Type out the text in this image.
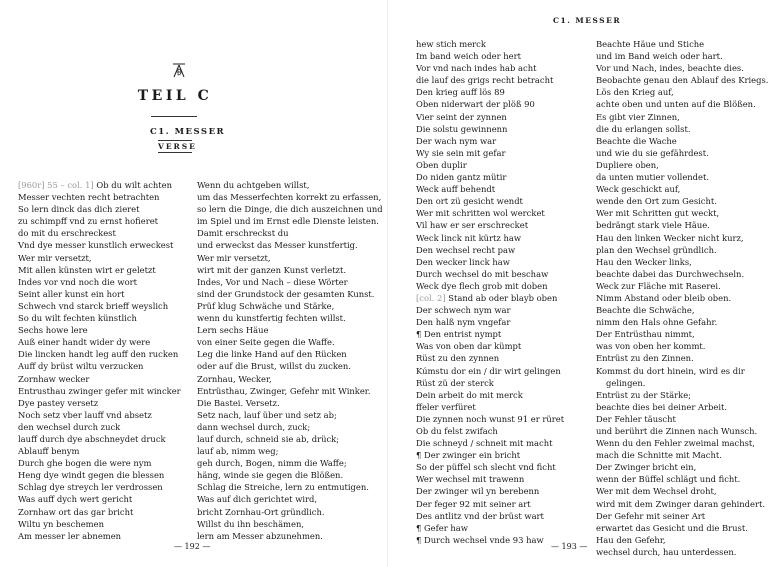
TEIL C
C1. MESSER
VERSE
[960r] 55 – col. 1] Ob du wilt achten
Messer vechten recht betrachten
So lern dinck das dich zieret
zu schimpff vnd zu ernst hofieret
do mit du erschreckest
Vnd dye messer kunstlich erweckest
Wer mir versetzt,
Mit allen künsten wirt er geletzt
Indes vor vnd noch die wort
Seint aller kunst ein hort
Schwech vnd starck brieff weyslich
So du wilt fechten künstlich
Sechs howe lere
Auß einer handt wider dy were
Die lincken handt leg auff den rucken
Auff dy brüst wiltu verzucken
Zornhaw wecker
Entrusthau zwinger gefer mit wincker
Dye pastey versetz
Noch setz vber lauff vnd absetz
den wechsel durch zuck
lauff durch dye abschneydet druck
Ablauff benym
Durch ghe bogen die were nym
Heng dye windt gegen die blessen
Schlag dye streych ler verdrossen
Was auff dych wert gericht
Zornhaw ort das gar bricht
Wiltu yn beschemen
Am messer ler abnemen
Wenn du achtgeben willst,
um das Messerfechten korrekt zu erfassen,
so lern die Dinge, die dich auszeichnen und
im Spiel und im Ernst edle Dienste leisten.
Damit erschreckst du
und erweckst das Messer kunstfertig.
Wer mir versetzt,
wirt mit der ganzen Kunst verletzt.
Indes, Vor und Nach – diese Wörter
sind der Grundstock der gesamten Kunst.
Prüf klug Schwäche und Stärke,
wenn du kunstfertig fechten willst.
Lern sechs Häue
von einer Seite gegen die Waffe.
Leg die linke Hand auf den Rücken
oder auf die Brust, willst du zucken.
Zornhau, Wecker,
Entrüsthau, Zwinger, Gefehr mit Winker.
Die Bastei. Versetz.
Setz nach, lauf über und setz ab;
dann wechsel durch, zuck;
lauf durch, schneid sie ab, drück;
lauf ab, nimm weg;
geh durch, Bogen, nimm die Waffe;
häng, winde sie gegen die Blößen.
Schlag die Streiche, lern zu entmutigen.
Was auf dich gerichtet wird,
bricht Zornhau-Ort gründlich.
Willst du ihn beschämen,
lern am Messer abzunehmen.
— 192 —
C1. MESSER
hew stich merck
Im band weich oder hert
Vor vnd nach indes hab acht
die lauf des grigs recht betracht
Den krieg auff lös 89
Oben niderwart der plöß 90
Vier seint der zynnen
Die solstu gewinnenn
Der wach nym war
Wy sie sein mit gefar
Oben duplir
Do niden gantz mütir
Weck auff behendt
Den ort zü gesicht wendt
Wer mit schritten wol wercket
Vil haw er ser erschrecket
Weck linck nit kürtz haw
Den wechsel recht paw
Den wecker linck haw
Durch wechsel do mit beschaw
Weck dye flech grob mit doben
[col. 2] Stand ab oder blayb oben
Der schwech nym war
Den halß nym vngefar
¶ Den entrist nympt
Was von oben dar kümpt
Rüst zu den zynnen
Kúmstu dor ein / dir wirt gelingen
Rüst zü der sterck
Dein arbeit do mit merck
ffeler verfüret
Die zynnen noch wunst 91 er rüret
Ob du felst zwifach
Die schneyd / schneit mit macht
¶ Der zwinger ein bricht
So der püffel sch slecht vnd ficht
Wer wechsel mit trawenn
Der zwinger wil yn berebenn
Der feger 92 mit seiner art
Des antlitz vnd der brüst wart
¶ Gefer haw
¶ Durch wechsel vnde 93 haw
Beachte Häue und Stiche
und im Band weich oder hart.
Vor und Nach, indes, beachte dies.
Beobachte genau den Ablauf des Kriegs.
Lös den Krieg auf,
achte oben und unten auf die Blößen.
Es gibt vier Zinnen,
die du erlangen sollst.
Beachte die Wache
und wie du sie gefährdest.
Dupliere oben,
da unten mutier vollendet.
Weck geschickt auf,
wende den Ort zum Gesicht.
Wer mit Schritten gut weckt,
bedrängt stark viele Häue.
Hau den linken Wecker nicht kurz,
plan den Wechsel gründlich.
Hau den Wecker links,
beachte dabei das Durchwechseln.
Weck zur Fläche mit Raserei.
Nimm Abstand oder bleib oben.
Beachte die Schwäche,
nimm den Hals ohne Gefahr.
Der Entrüsthau nimmt,
was von oben her kommt.
Entrüst zu den Zinnen.
Kommst du dort hinein, wird es dir
gelingen.
Entrüst zu der Stärke;
beachte dies bei deiner Arbeit.
Der Fehler täuscht
und berührt die Zinnen nach Wunsch.
Wenn du den Fehler zweimal machst,
mach die Schnitte mit Macht.
Der Zwinger bricht ein,
wenn der Büffel schlägt und ficht.
Wer mit dem Wechsel droht,
wird mit dem Zwinger daran gehindert.
Der Gefehr mit seiner Art
erwartet das Gesicht und die Brust.
Hau den Gefehr,
wechsel durch, hau unterdessen.
— 193 —
